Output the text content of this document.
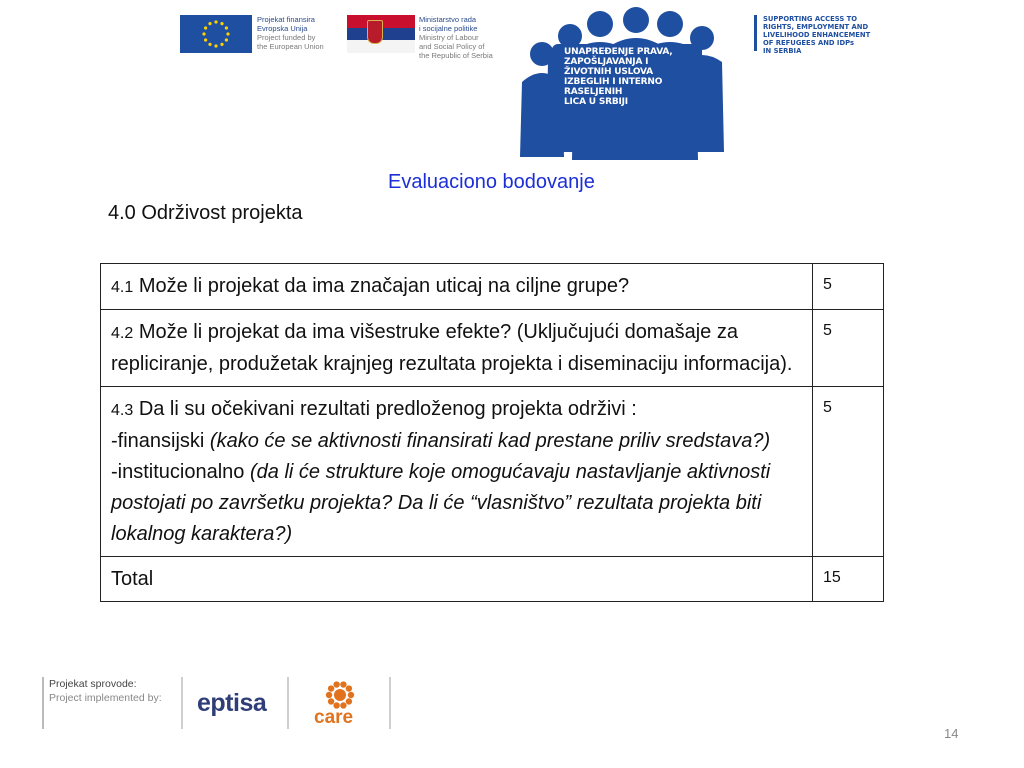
Projekat finansira
Evropska Unija
Project funded by
the European Union
Ministarstvo rada
i socijalne politike
Ministry of Labour
and Social Policy of
the Republic of Serbia	UNAPREĐENJE PRAVA,
ZAPOŠLJAVANJA I
ŽIVOTNIH USLOVA
IZBEGLIH I INTERNO
RASELJENIH
LICA U SRBIJI
SUPPORTING ACCESS TO
RIGHTS, EMPLOYMENT AND
LIVELIHOOD ENHANCEMENT
OF REFUGEES AND IDPs
IN SERBIA
Evaluaciono bodovanje
4.0 Održivost projekta
4.1 Može li projekat da ima značajan uticaj na ciljne grupe?	5
4.2 Može li projekat da ima višestruke efekte? (Uključujući domašaje za repliciranje, produžetak krajnjeg rezultata projekta i diseminaciju informacija).	5
4.3 Da li su očekivani rezultati predloženog projekta održivi :
-finansijski (kako će se aktivnosti finansirati kad prestane priliv sredstava?)
-institucionalno (da li će strukture koje omogućavaju nastavljanje aktivnosti postojati po završetku projekta? Da li će “vlasništvo” rezultata projekta biti lokalnog karaktera?)	5
Total	15
Projekat sprovode:
Project implemented by: eptisa
care
14
